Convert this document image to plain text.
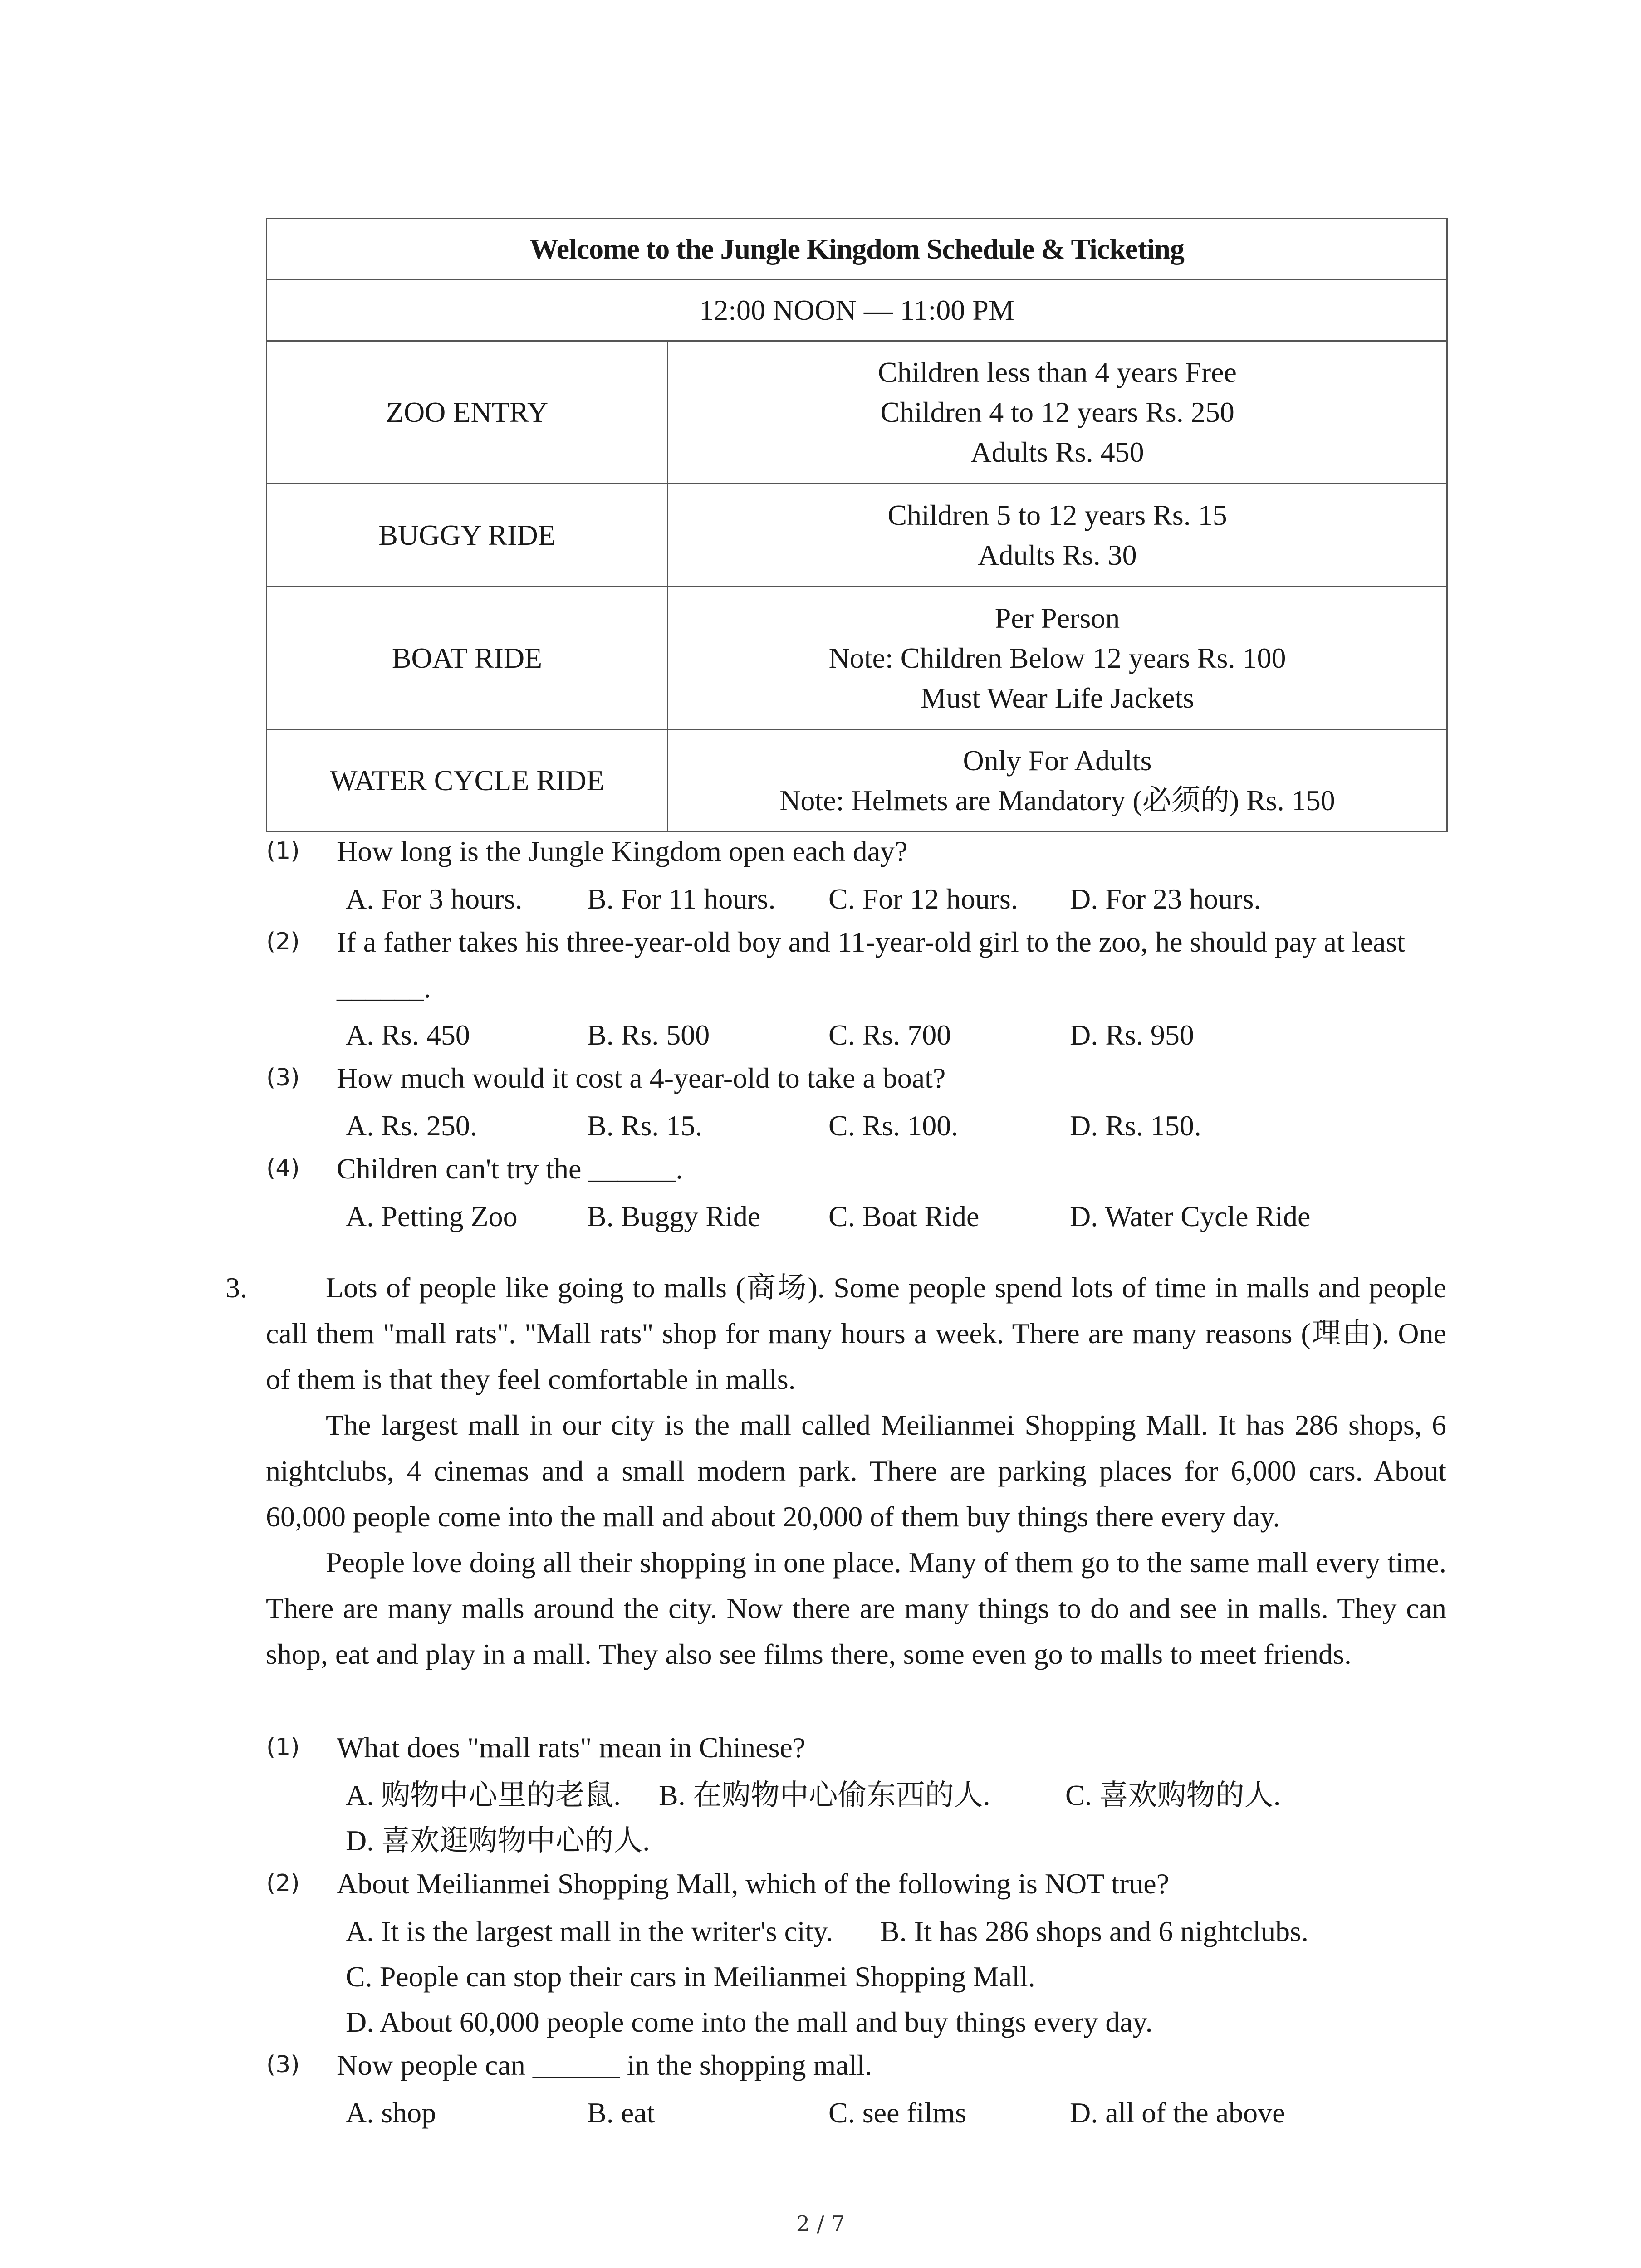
Welcome to the Jungle Kingdom Schedule & Ticketing	
12:00 NOON — 11:00 PM	
ZOO ENTRY	Children less than 4 years Free
Children 4 to 12 years Rs. 250
Adults Rs. 450

BUGGY RIDE	Children 5 to 12 years Rs. 15
Adults Rs. 30

BOAT RIDE	Per Person
Note: Children Below 12 years Rs. 100
Must Wear Life Jackets

WATER CYCLE RIDE	Only For Adults
Note: Helmets are Mandatory (必须的) Rs. 150
(1) How long is the Jungle Kingdom open each day?
A. For 3 hours. B. For 11 hours. C. For 12 hours. D. For 23 hours.
(2) If a father takes his three-year-old boy and 11-year-old girl to the zoo, he should pay at least ______.
A. Rs. 450	B. Rs. 500	C. Rs. 700	D. Rs. 950
(3) How much would it cost a 4-year-old to take a boat?
A. Rs. 250.	B. Rs. 15.	C. Rs. 100.	D. Rs. 150.
(4) Children can't try the ______.
A. Petting Zoo B. Buggy Ride C. Boat Ride	D. Water Cycle Ride
3.	Lots of people like going to malls (商场). Some people spend lots of time in malls and people call them "mall rats". "Mall rats" shop for many hours a week. There are many reasons (理由). One of them is that they feel comfortable in malls.
The largest mall in our city is the mall called Meilianmei Shopping Mall. It has 286 shops, 6 nightclubs, 4 cinemas and a small modern park. There are parking places for 6,000 cars. About 60,000 people come into the mall and about 20,000 of them buy things there every day.
People love doing all their shopping in one place. Many of them go to the same mall every time. There are many malls around the city. Now there are many things to do and see in malls. They can shop, eat and play in a mall. They also see films there, some even go to malls to meet friends.
(1) What does "mall rats" mean in Chinese?
A. 购物中心里的老鼠. B. 在购物中心偷东西的人.	C. 喜欢购物的人.
D. 喜欢逛购物中心的人.
(2) About Meilianmei Shopping Mall, which of the following is NOT true?
A. It is the largest mall in the writer's city. B. It has 286 shops and 6 nightclubs.
C. People can stop their cars in Meilianmei Shopping Mall.
D. About 60,000 people come into the mall and buy things every day.
(3) Now people can ______ in the shopping mall.
A. shop	B. eat	C. see films	D. all of the above
2 / 7
